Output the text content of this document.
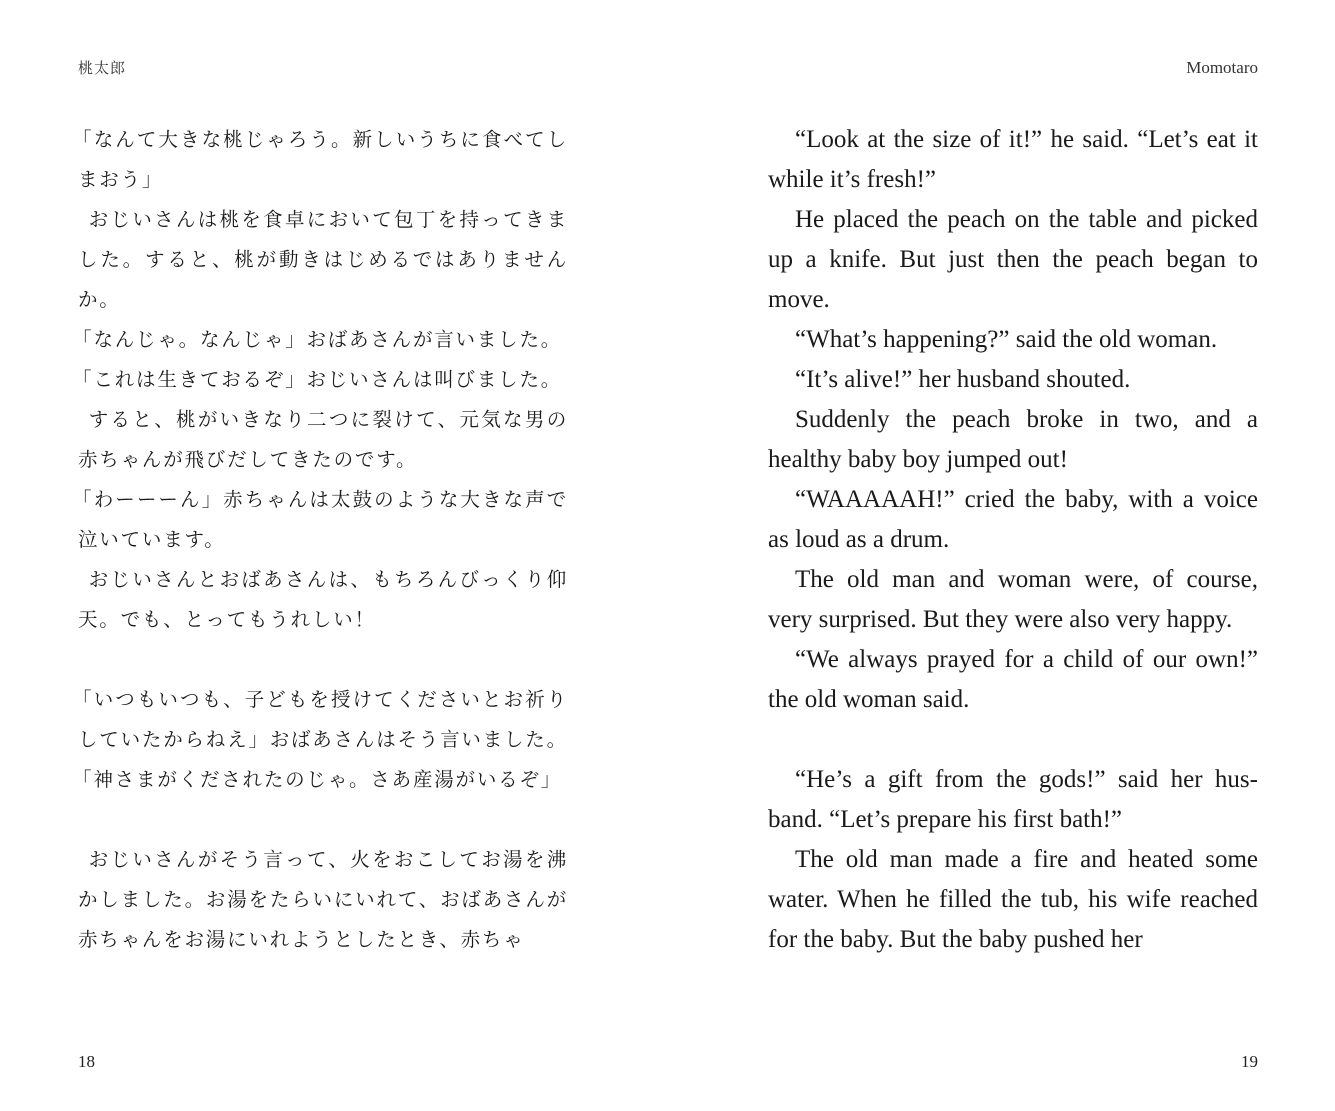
桃太郎

「なんて大きな桃じゃろう。新しいうちに食べてしまおう」

おじいさんは桃を食卓において包丁を持ってきました。すると、桃が動きはじめるではありませんか。

「なんじゃ。なんじゃ」おばあさんが言いました。

「これは生きておるぞ」おじいさんは叫びました。

すると、桃がいきなり二つに裂けて、元気な男の赤ちゃんが飛びだしてきたのです。

「わーーーん」赤ちゃんは太鼓のような大きな声で泣いています。

おじいさんとおばあさんは、もちろんびっくり仰天。でも、とってもうれしい！

「いつもいつも、子どもを授けてくださいとお祈りしていたからねえ」おばあさんはそう言いました。

「神さまがくだされたのじゃ。さあ産湯がいるぞ」

おじいさんがそう言って、火をおこしてお湯を沸かしました。お湯をたらいにいれて、おばあさんが赤ちゃんをお湯にいれようとしたとき、赤ちゃ

18
Momotaro

“Look at the size of it!” he said. “Let’s eat it while it’s fresh!”

He placed the peach on the table and picked up a knife. But just then the peach began to move.

“What’s happening?” said the old woman.

“It’s alive!” her husband shouted.

Suddenly the peach broke in two, and a healthy baby boy jumped out!

“WAAAAAH!” cried the baby, with a voice as loud as a drum.

The old man and woman were, of course, very surprised. But they were also very happy.

“We always prayed for a child of our own!” the old woman said.

“He’s a gift from the gods!” said her hus-band. “Let’s prepare his first bath!”

The old man made a fire and heated some water. When he filled the tub, his wife reached for the baby. But the baby pushed her

19
